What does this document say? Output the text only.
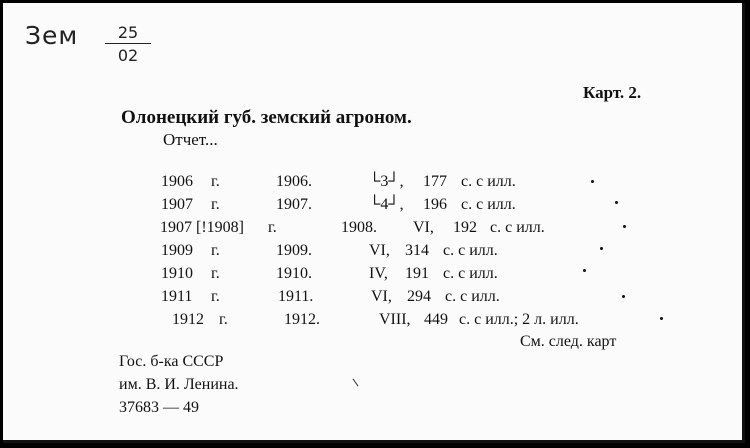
Зем	25
02
Карт. 2.
Олонецкий губ. земский агроном.
Отчет...
1906 г.	1906.	└3┘, 177 с. с илл.
1907 г.	1907.	└4┘, 196 с. с илл.
1907 [!1908] г.	1908. VI, 192 с. с илл.
1909 г.	1909.	VI, 314 с. с илл.
1910 г.	1910.	IV, 191 с. с илл.
1911 г.	1911.	VI, 294 с. с илл.
1912 г.	1912.	VIII, 449 с. с илл.; 2 л. илл.
См. след. карт
Гос. б-ка СССР
им. В. И. Ленина.
37683 — 49
